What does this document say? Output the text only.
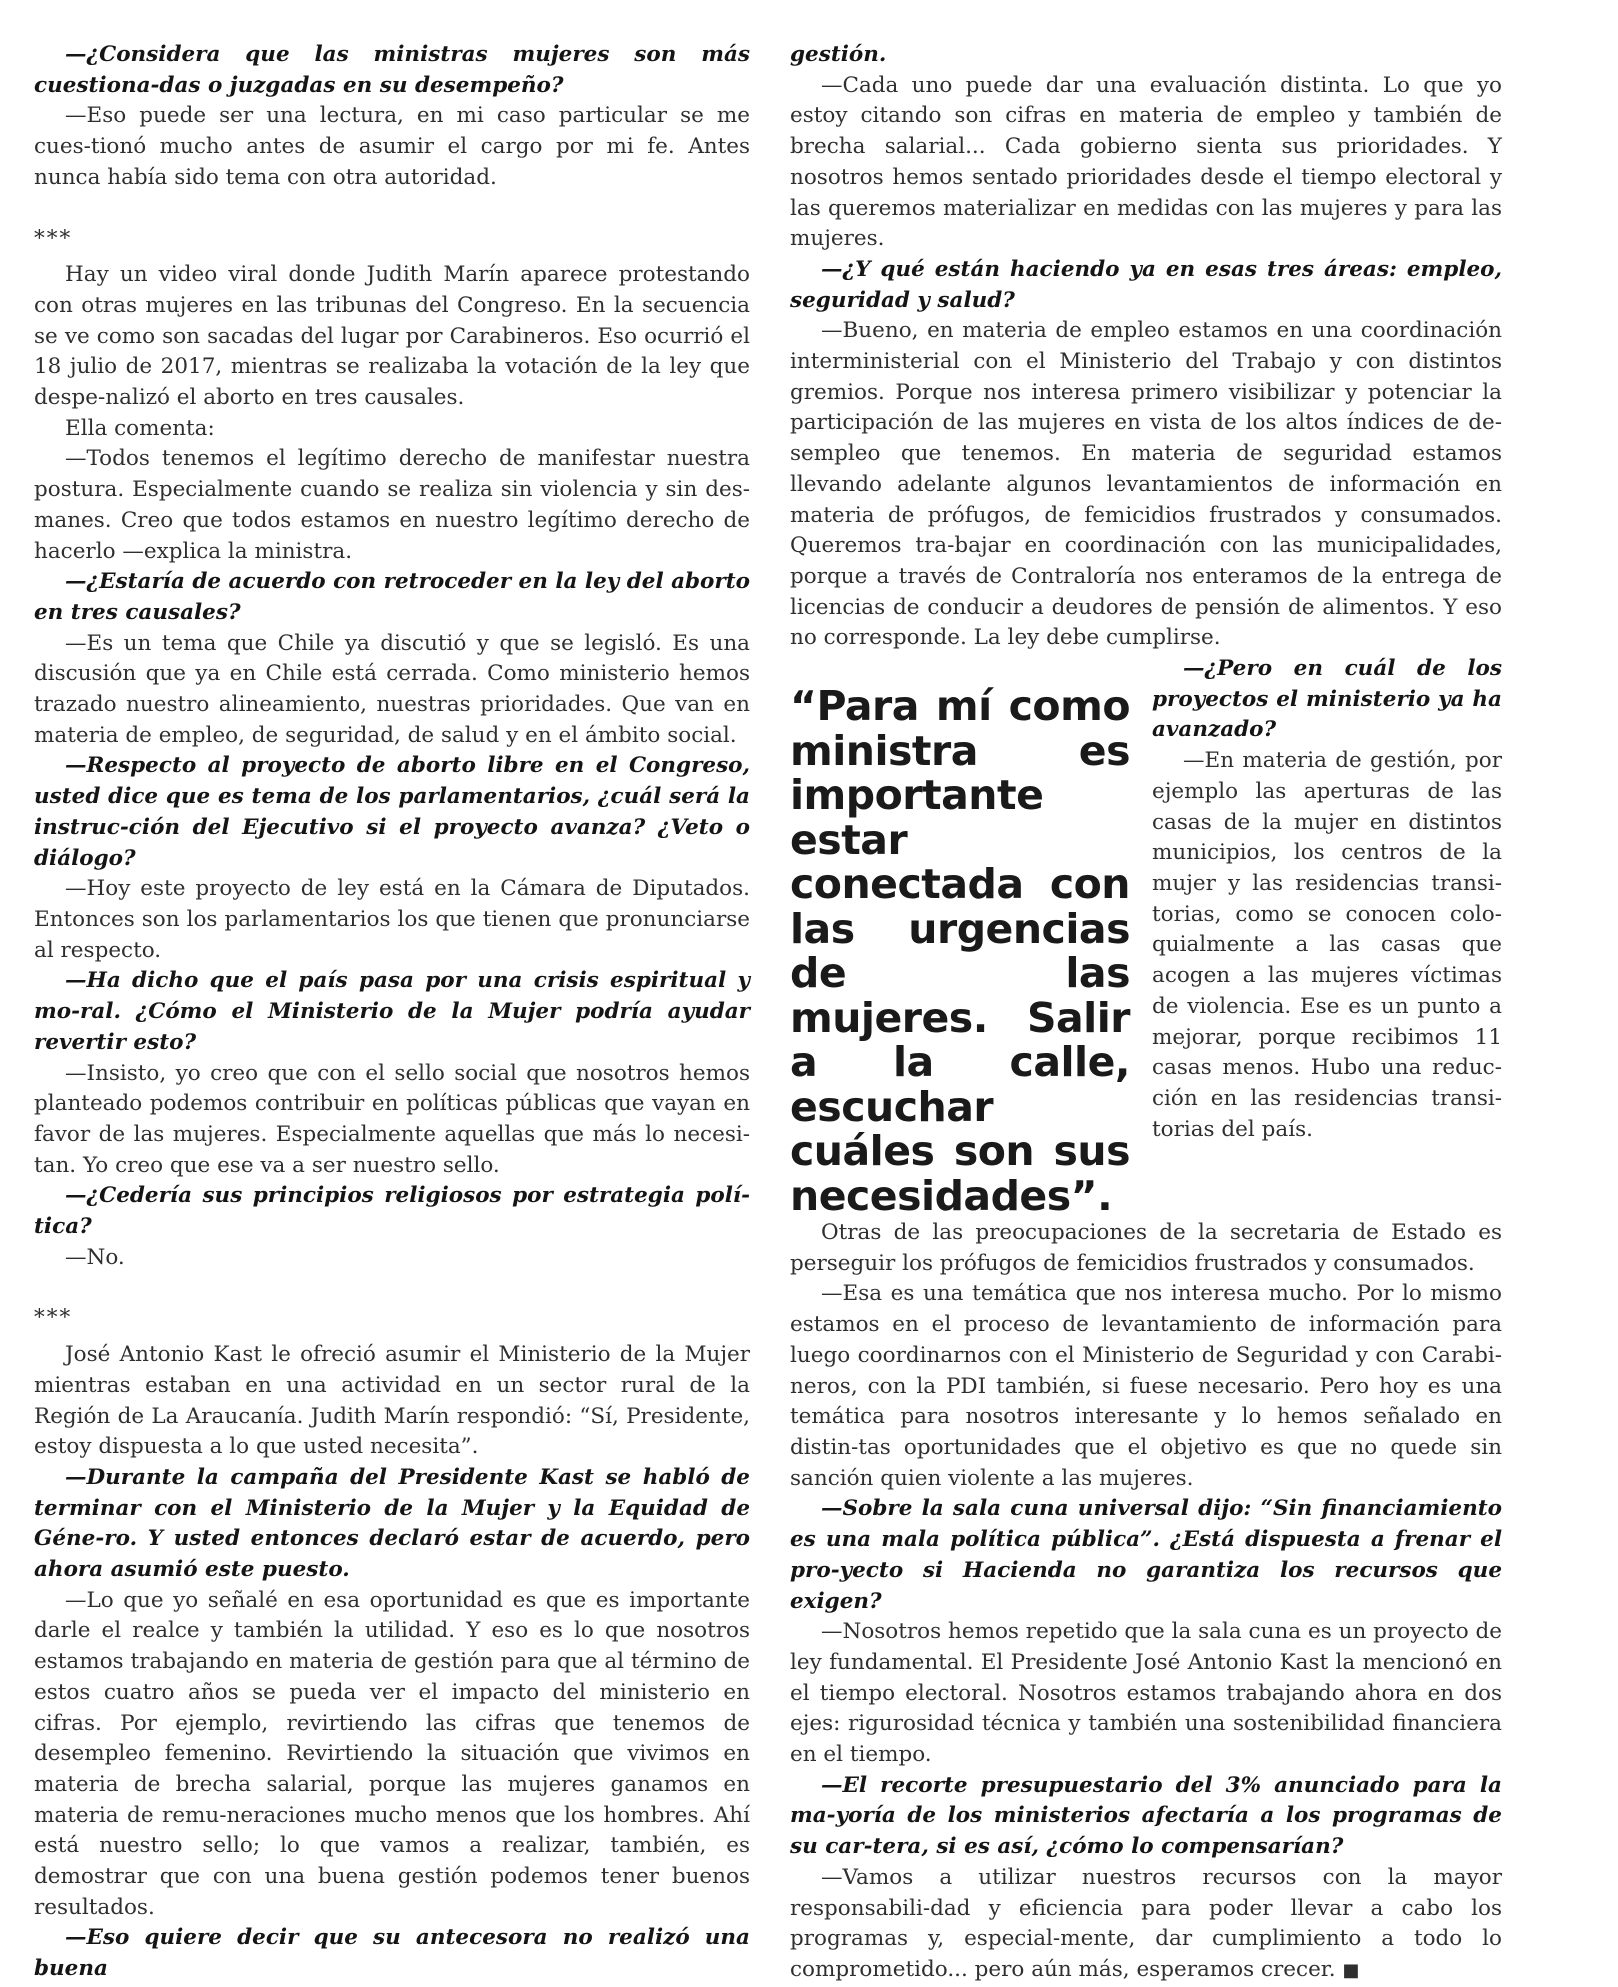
—¿Considera que las ministras mujeres son más cuestiona-das o juzgadas en su desempeño?

—Eso puede ser una lectura, en mi caso particular se me cues-tionó mucho antes de asumir el cargo por mi fe. Antes nunca había sido tema con otra autoridad.

***

Hay un video viral donde Judith Marín aparece protestando con otras mujeres en las tribunas del Congreso. En la secuencia se ve como son sacadas del lugar por Carabineros. Eso ocurrió el 18 julio de 2017, mientras se realizaba la votación de la ley que despe-nalizó el aborto en tres causales.

Ella comenta:

—Todos tenemos el legítimo derecho de manifestar nuestra postura. Especialmente cuando se realiza sin violencia y sin des-manes. Creo que todos estamos en nuestro legítimo derecho de hacerlo —explica la ministra.

—¿Estaría de acuerdo con retroceder en la ley del aborto en tres causales?

—Es un tema que Chile ya discutió y que se legisló. Es una discusión que ya en Chile está cerrada. Como ministerio hemos trazado nuestro alineamiento, nuestras prioridades. Que van en materia de empleo, de seguridad, de salud y en el ámbito social.

—Respecto al proyecto de aborto libre en el Congreso, usted dice que es tema de los parlamentarios, ¿cuál será la instruc-ción del Ejecutivo si el proyecto avanza? ¿Veto o diálogo?

—Hoy este proyecto de ley está en la Cámara de Diputados. Entonces son los parlamentarios los que tienen que pronunciarse al respecto.

—Ha dicho que el país pasa por una crisis espiritual y mo-ral. ¿Cómo el Ministerio de la Mujer podría ayudar revertir esto?

—Insisto, yo creo que con el sello social que nosotros hemos planteado podemos contribuir en políticas públicas que vayan en favor de las mujeres. Especialmente aquellas que más lo necesi-tan. Yo creo que ese va a ser nuestro sello.

—¿Cedería sus principios religiosos por estrategia polí-tica?

—No.

***

José Antonio Kast le ofreció asumir el Ministerio de la Mujer mientras estaban en una actividad en un sector rural de la Región de La Araucanía. Judith Marín respondió: “Sí, Presidente, estoy dispuesta a lo que usted necesita”.

—Durante la campaña del Presidente Kast se habló de terminar con el Ministerio de la Mujer y la Equidad de Géne-ro. Y usted entonces declaró estar de acuerdo, pero ahora asumió este puesto.

—Lo que yo señalé en esa oportunidad es que es importante darle el realce y también la utilidad. Y eso es lo que nosotros estamos trabajando en materia de gestión para que al término de estos cuatro años se pueda ver el impacto del ministerio en cifras. Por ejemplo, revirtiendo las cifras que tenemos de desempleo femenino. Revirtiendo la situación que vivimos en materia de brecha salarial, porque las mujeres ganamos en materia de remu-neraciones mucho menos que los hombres. Ahí está nuestro sello; lo que vamos a realizar, también, es demostrar que con una buena gestión podemos tener buenos resultados.

—Eso quiere decir que su antecesora no realizó una buena

gestión.

—Cada uno puede dar una evaluación distinta. Lo que yo estoy citando son cifras en materia de empleo y también de brecha salarial... Cada gobierno sienta sus prioridades. Y nosotros hemos sentado prioridades desde el tiempo electoral y las queremos materializar en medidas con las mujeres y para las mujeres.

—¿Y qué están haciendo ya en esas tres áreas: empleo, seguridad y salud?

—Bueno, en materia de empleo estamos en una coordinación interministerial con el Ministerio del Trabajo y con distintos gremios. Porque nos interesa primero visibilizar y potenciar la participación de las mujeres en vista de los altos índices de de-sempleo que tenemos. En materia de seguridad estamos llevando adelante algunos levantamientos de información en materia de prófugos, de femicidios frustrados y consumados. Queremos tra-bajar en coordinación con las municipalidades, porque a través de Contraloría nos enteramos de la entrega de licencias de conducir a deudores de pensión de alimentos. Y eso no corresponde. La ley debe cumplirse.

“Para mí como ministra es importante estar conectada con las urgencias de las mujeres. Salir a la calle, escuchar cuáles son sus necesidades”.

—¿Pero en cuál de los proyectos el ministerio ya ha avanzado?

—En materia de gestión, por ejemplo las aperturas de las casas de la mujer en distintos municipios, los centros de la mujer y las residencias transi-torias, como se conocen colo-quialmente a las casas que acogen a las mujeres víctimas de violencia. Ese es un punto a mejorar, porque recibimos 11 casas menos. Hubo una reduc-ción en las residencias transi-torias del país.

Otras de las preocupaciones de la secretaria de Estado es perseguir los prófugos de femicidios frustrados y consumados.

—Esa es una temática que nos interesa mucho. Por lo mismo estamos en el proceso de levantamiento de información para luego coordinarnos con el Ministerio de Seguridad y con Carabi-neros, con la PDI también, si fuese necesario. Pero hoy es una temática para nosotros interesante y lo hemos señalado en distin-tas oportunidades que el objetivo es que no quede sin sanción quien violente a las mujeres.

—Sobre la sala cuna universal dijo: “Sin financiamiento es una mala política pública”. ¿Está dispuesta a frenar el pro-yecto si Hacienda no garantiza los recursos que exigen?

—Nosotros hemos repetido que la sala cuna es un proyecto de ley fundamental. El Presidente José Antonio Kast la mencionó en el tiempo electoral. Nosotros estamos trabajando ahora en dos ejes: rigurosidad técnica y también una sostenibilidad financiera en el tiempo.

—El recorte presupuestario del 3% anunciado para la ma-yoría de los ministerios afectaría a los programas de su car-tera, si es así, ¿cómo lo compensarían?

—Vamos a utilizar nuestros recursos con la mayor responsabili-dad y eficiencia para poder llevar a cabo los programas y, especial-mente, dar cumplimiento a todo lo comprometido... pero aún más, esperamos crecer. ■
